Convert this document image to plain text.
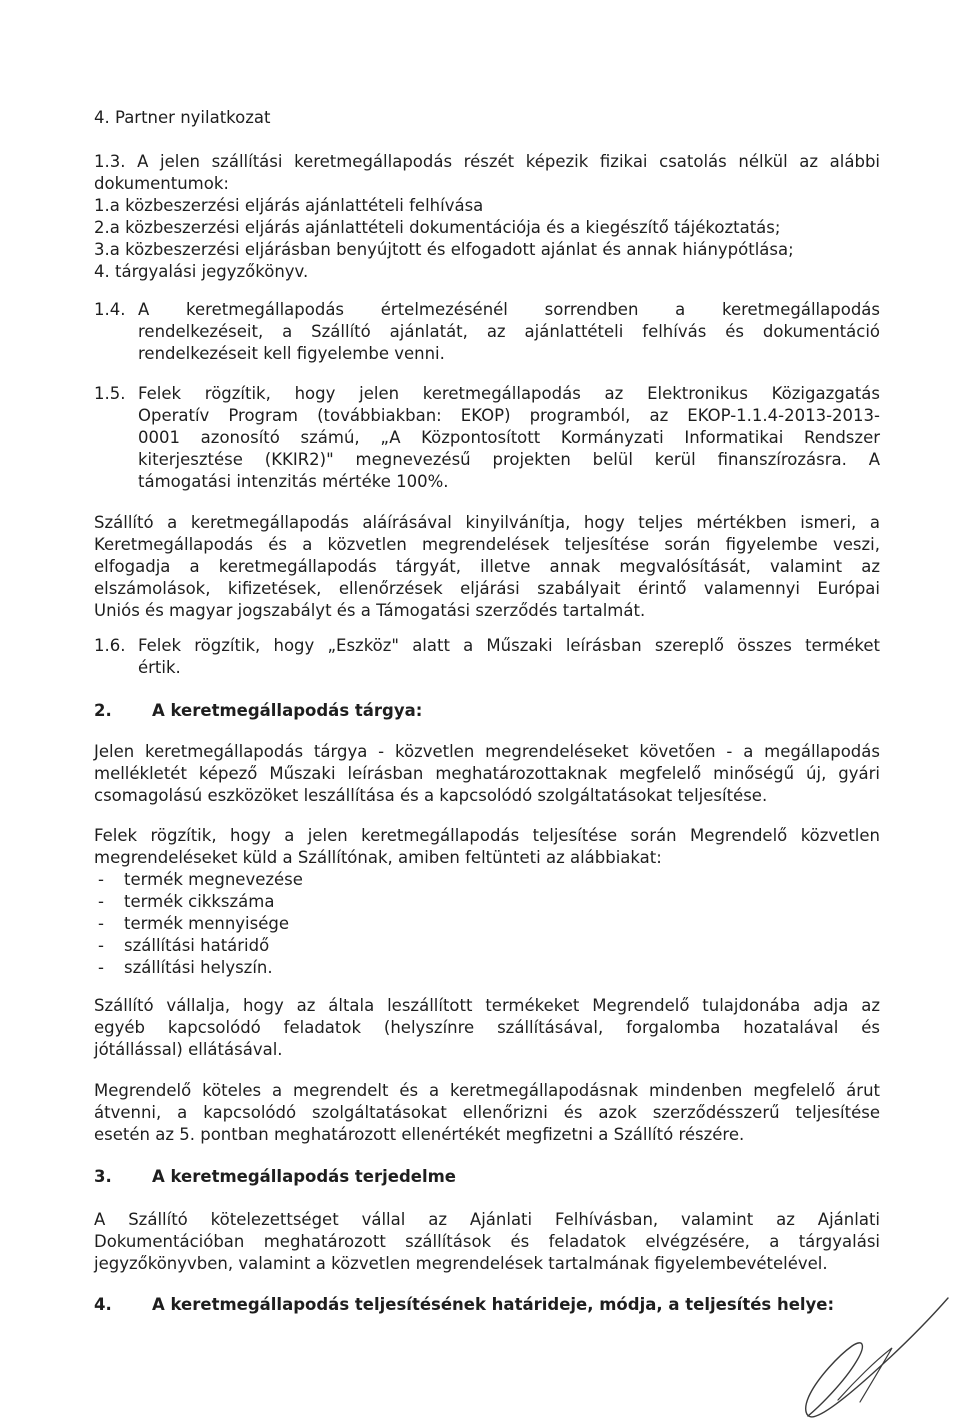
4. Partner nyilatkozat

1.3. A jelen szállítási keretmegállapodás részét képezik fizikai csatolás nélkül az alábbi
dokumentumok:
1.a közbeszerzési eljárás ajánlattételi felhívása
2.a közbeszerzési eljárás ajánlattételi dokumentációja és a kiegészítő tájékoztatás;
3.a közbeszerzési eljárásban benyújtott és elfogadott ajánlat és annak hiánypótlása;
4. tárgyalási jegyzőkönyv.
1.4. A keretmegállapodás értelmezésénél sorrendben a keretmegállapodás
rendelkezéseit, a Szállító ajánlatát, az ajánlattételi felhívás és dokumentáció
rendelkezéseit kell figyelembe venni.
1.5. Felek rögzítik, hogy jelen keretmegállapodás az Elektronikus Közigazgatás
Operatív Program (továbbiakban: EKOP) programból, az EKOP-1.1.4-2013-2013-
0001 azonosító számú, „A Központosított Kormányzati Informatikai Rendszer
kiterjesztése (KKIR2)" megnevezésű projekten belül kerül finanszírozásra. A
támogatási intenzitás mértéke 100%.
Szállító a keretmegállapodás aláírásával kinyilvánítja, hogy teljes mértékben ismeri, a
Keretmegállapodás és a közvetlen megrendelések teljesítése során figyelembe veszi,
elfogadja a keretmegállapodás tárgyát, illetve annak megvalósítását, valamint az
elszámolások, kifizetések, ellenőrzések eljárási szabályait érintő valamennyi Európai
Uniós és magyar jogszabályt és a Támogatási szerződés tartalmát.
1.6. Felek rögzítik, hogy „Eszköz" alatt a Műszaki leírásban szereplő összes terméket
értik.
2.	A keretmegállapodás tárgya:
Jelen keretmegállapodás tárgya - közvetlen megrendeléseket követően - a megállapodás
mellékletét képező Műszaki leírásban meghatározottaknak megfelelő minőségű új, gyári
csomagolású eszközöket leszállítása és a kapcsolódó szolgáltatásokat teljesítése.
Felek rögzítik, hogy a jelen keretmegállapodás teljesítése során Megrendelő közvetlen
megrendeléseket küld a Szállítónak, amiben feltünteti az alábbiakat:
-	termék megnevezése
-	termék cikkszáma
-	termék mennyisége
-	szállítási határidő
-	szállítási helyszín.
Szállító vállalja, hogy az általa leszállított termékeket Megrendelő tulajdonába adja az
egyéb kapcsolódó feladatok (helyszínre szállításával, forgalomba hozatalával és
jótállással) ellátásával.
Megrendelő köteles a megrendelt és a keretmegállapodásnak mindenben megfelelő árut
átvenni, a kapcsolódó szolgáltatásokat ellenőrizni és azok szerződésszerű teljesítése
esetén az 5. pontban meghatározott ellenértékét megfizetni a Szállító részére.
3.	A keretmegállapodás terjedelme
A Szállító kötelezettséget vállal az Ajánlati Felhívásban, valamint az Ajánlati
Dokumentációban meghatározott szállítások és feladatok elvégzésére, a tárgyalási
jegyzőkönyvben, valamint a közvetlen megrendelések tartalmának figyelembevételével.
4.	A keretmegállapodás teljesítésének határideje, módja, a teljesítés helye:
